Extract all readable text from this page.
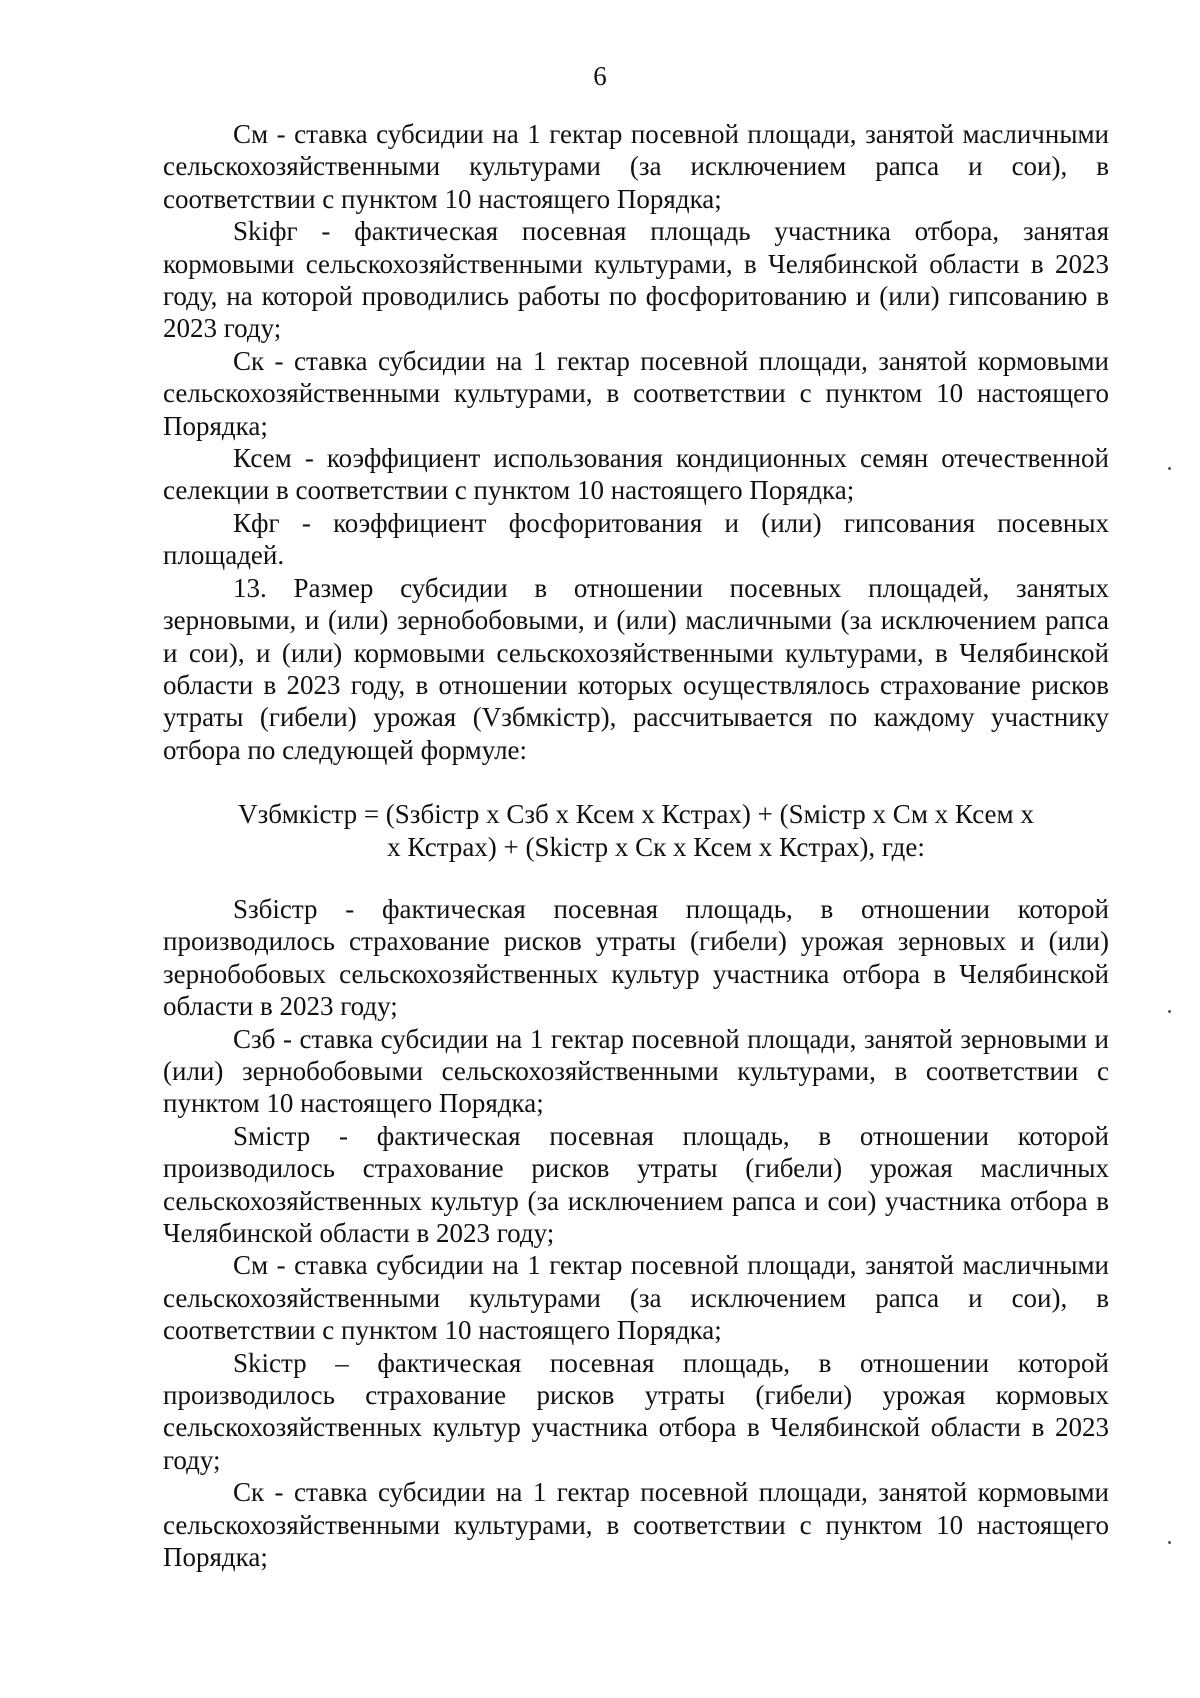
6

См - ставка субсидии на 1 гектар посевной площади, занятой масличными сельскохозяйственными культурами (за исключением рапса и сои), в соответствии с пунктом 10 настоящего Порядка;

Skiфг - фактическая посевная площадь участника отбора, занятая кормовыми сельскохозяйственными культурами, в Челябинской области в 2023 году, на которой проводились работы по фосфоритованию и (или) гипсованию в 2023 году;

Ск - ставка субсидии на 1 гектар посевной площади, занятой кормовыми сельскохозяйственными культурами, в соответствии с пунктом 10 настоящего Порядка;

Ксем - коэффициент использования кондиционных семян отечественной селекции в соответствии с пунктом 10 настоящего Порядка;

Кфг - коэффициент фосфоритования и (или) гипсования посевных площадей.

13. Размер субсидии в отношении посевных площадей, занятых зерновыми, и (или) зернобобовыми, и (или) масличными (за исключением рапса и сои), и (или) кормовыми сельскохозяйственными культурами, в Челябинской области в 2023 году, в отношении которых осуществлялось страхование рисков утраты (гибели) урожая (Vзбмкiстр), рассчитывается по каждому участнику отбора по следующей формуле:

Vзбмкiстр = (Sзбiстр х Сзб х Ксем х Кстрах) + (Sмiстр х См х Ксем х
х Кстрах) + (Skiстр х Ск х Ксем х Кстрах), где:

Sзбiстр - фактическая посевная площадь, в отношении которой производилось страхование рисков утраты (гибели) урожая зерновых и (или) зернобобовых сельскохозяйственных культур участника отбора в Челябинской области в 2023 году;

Сзб - ставка субсидии на 1 гектар посевной площади, занятой зерновыми и (или) зернобобовыми сельскохозяйственными культурами, в соответствии с пунктом 10 настоящего Порядка;

Sмiстр - фактическая посевная площадь, в отношении которой производилось страхование рисков утраты (гибели) урожая масличных сельскохозяйственных культур (за исключением рапса и сои) участника отбора в Челябинской области в 2023 году;

См - ставка субсидии на 1 гектар посевной площади, занятой масличными сельскохозяйственными культурами (за исключением рапса и сои), в соответствии с пунктом 10 настоящего Порядка;

Skiстр – фактическая посевная площадь, в отношении которой производилось страхование рисков утраты (гибели) урожая кормовых сельскохозяйственных культур участника отбора в Челябинской области в 2023 году;

Ск - ставка субсидии на 1 гектар посевной площади, занятой кормовыми сельскохозяйственными культурами, в соответствии с пунктом 10 настоящего Порядка;
